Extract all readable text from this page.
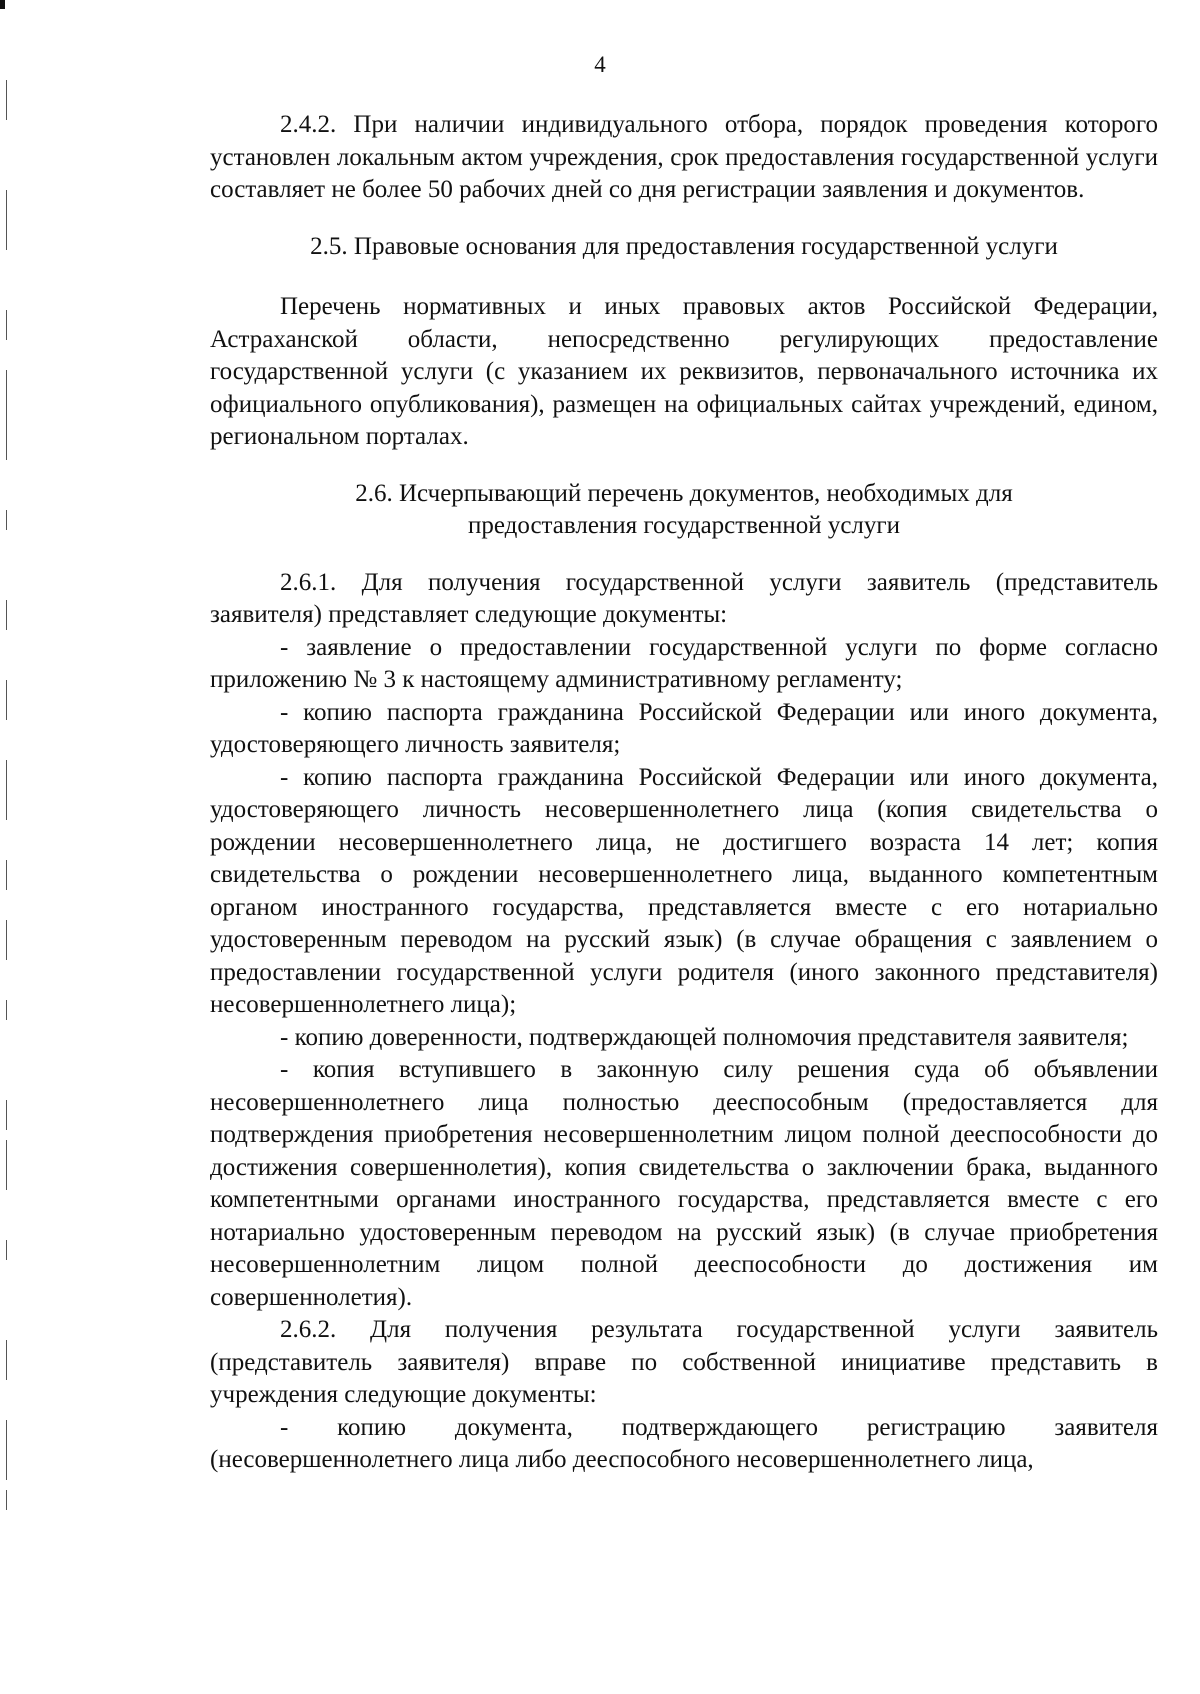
4

2.4.2. При наличии индивидуального отбора, порядок проведения которого установлен локальным актом учреждения, срок предоставления государственной услуги составляет не более 50 рабочих дней со дня регистрации заявления и документов.

2.5. Правовые основания для предоставления государственной услуги

Перечень нормативных и иных правовых актов Российской Федерации, Астраханской области, непосредственно регулирующих предоставление государственной услуги (с указанием их реквизитов, первоначального источника их официального опубликования), размещен на официальных сайтах учреждений, едином, региональном порталах.

2.6. Исчерпывающий перечень документов, необходимых для

предоставления государственной услуги

2.6.1. Для получения государственной услуги заявитель (представитель заявителя) представляет следующие документы:

- заявление о предоставлении государственной услуги по форме согласно приложению № 3 к настоящему административному регламенту;

- копию паспорта гражданина Российской Федерации или иного документа, удостоверяющего личность заявителя;

- копию паспорта гражданина Российской Федерации или иного документа, удостоверяющего личность несовершеннолетнего лица (копия свидетельства о рождении несовершеннолетнего лица, не достигшего возраста 14 лет; копия свидетельства о рождении несовершеннолетнего лица, выданного компетентным органом иностранного государства, представляется вместе с его нотариально удостоверенным переводом на русский язык) (в случае обращения с заявлением о предоставлении государственной услуги родителя (иного законного представителя) несовершеннолетнего лица);

- копию доверенности, подтверждающей полномочия представителя заявителя;

- копия вступившего в законную силу решения суда об объявлении несовершеннолетнего лица полностью дееспособным (предоставляется для подтверждения приобретения несовершеннолетним лицом полной дееспособности до достижения совершеннолетия), копия свидетельства о заключении брака, выданного компетентными органами иностранного государства, представляется вместе с его нотариально удостоверенным переводом на русский язык) (в случае приобретения несовершеннолетним лицом полной дееспособности до достижения им совершеннолетия).

2.6.2. Для получения результата государственной услуги заявитель (представитель заявителя) вправе по собственной инициативе представить в учреждения следующие документы:

- копию документа, подтверждающего регистрацию заявителя (несовершеннолетнего лица либо дееспособного несовершеннолетнего лица,
